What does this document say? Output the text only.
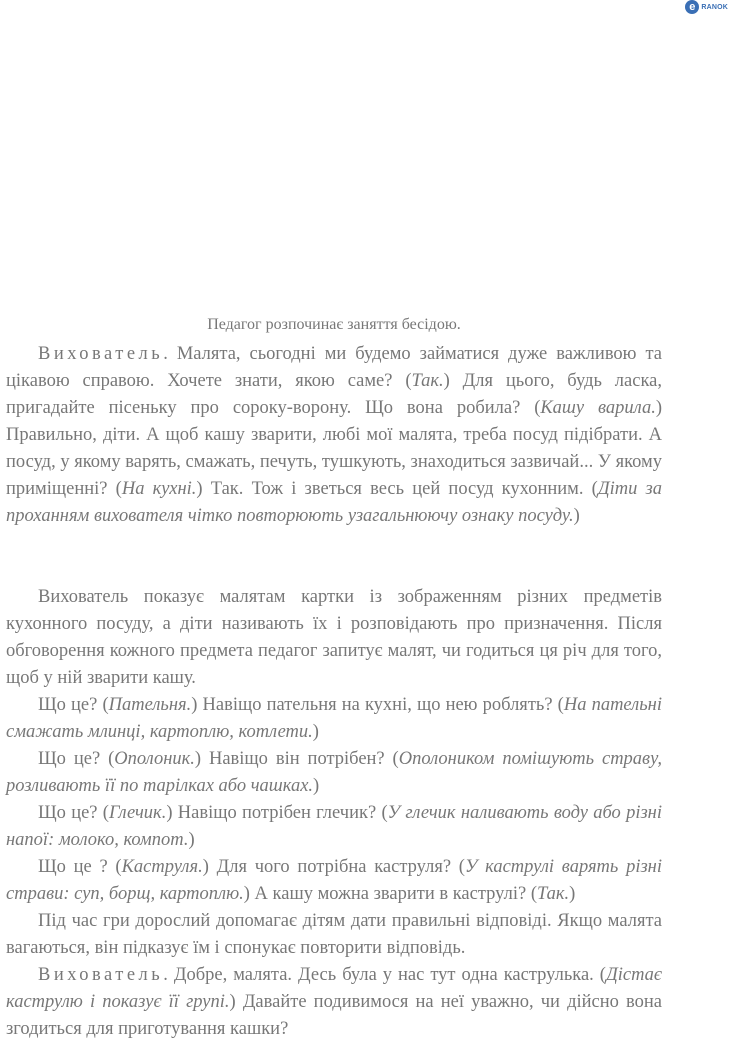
e RANOK
Педагог розпочинає заняття бесідою.

Вихователь. Малята, сьогодні ми будемо займатися дуже важливою та цікавою справою. Хочете знати, якою саме? (Так.) Для цього, будь ласка, пригадайте пісеньку про сороку-ворону. Що вона робила? (Кашу варила.) Правильно, діти. А щоб кашу зварити, любі мої малята, треба посуд підібрати. А посуд, у якому варять, смажать, печуть, тушкують, знаходиться зазвичай... У якому приміщенні? (На кухні.) Так. Тож і зветься весь цей посуд кухонним. (Діти за проханням вихователя чітко повторюють узагальнюючу ознаку посуду.)

Вихователь показує малятам картки із зображенням різних предметів кухонного посуду, а діти називають їх і розповідають про призначення. Після обговорення кожного предмета педагог запитує малят, чи годиться ця річ для того, щоб у ній зварити кашу.

Що це? (Пательня.) Навіщо пательня на кухні, що нею роблять? (На пательні смажать млинці, картоплю, котлети.)

Що це? (Ополоник.) Навіщо він потрібен? (Ополоником помішують страву, розливають її по тарілках або чашках.)

Що це? (Глечик.) Навіщо потрібен глечик? (У глечик наливають воду або різні напої: молоко, компот.)

Що це ? (Каструля.) Для чого потрібна каструля? (У каструлі варять різні страви: суп, борщ, картоплю.) А кашу можна зварити в каструлі? (Так.)

Під час гри дорослий допомагає дітям дати правильні відповіді. Якщо малята вагаються, він підказує їм і спонукає повторити відповідь.

Вихователь. Добре, малята. Десь була у нас тут одна каструлька. (Дістає каструлю і показує її групі.) Давайте подивимося на неї уважно, чи дійсно вона згодиться для приготування кашки?
